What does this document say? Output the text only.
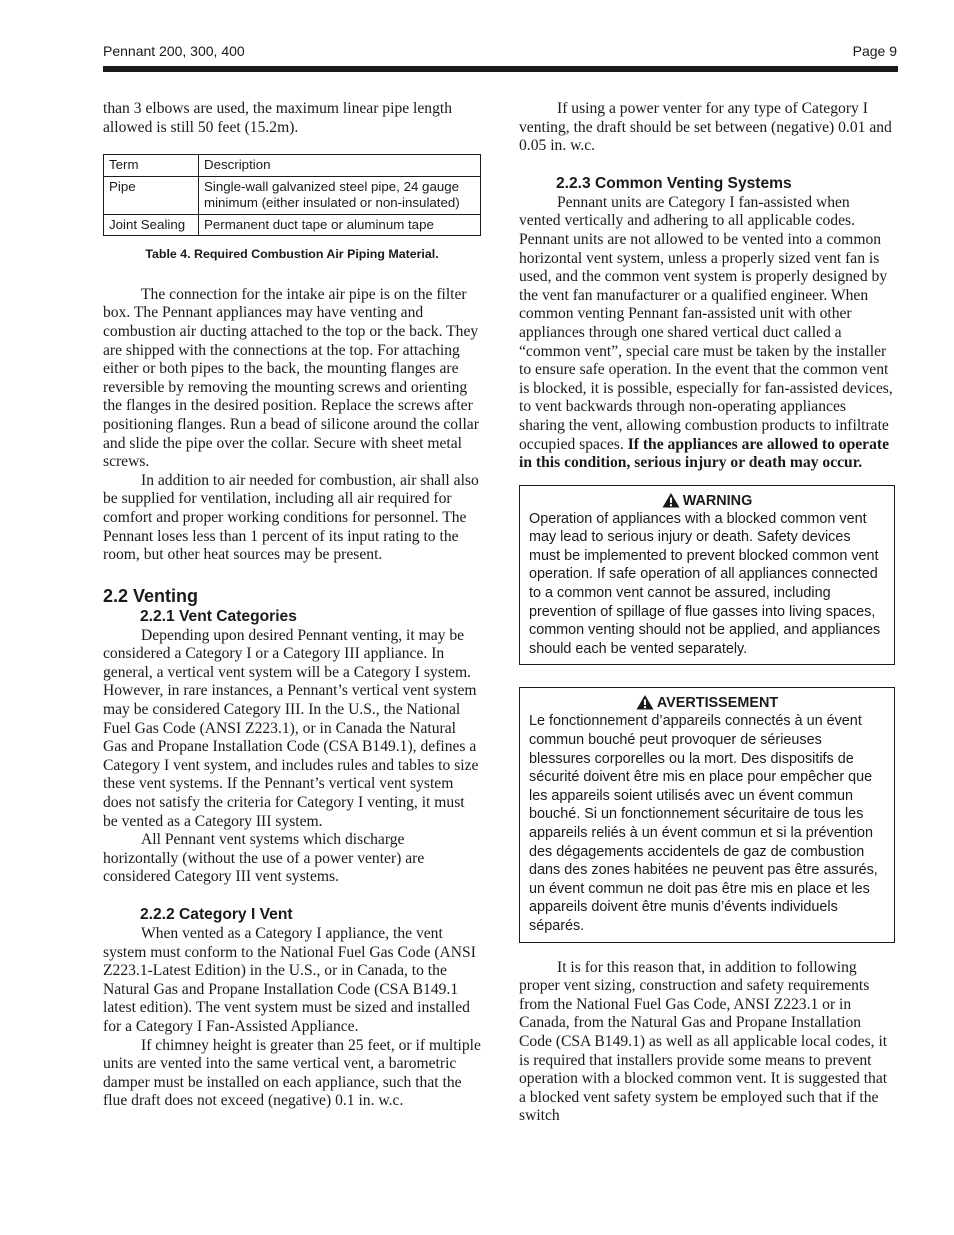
Pennant 200, 300, 400	Page 9

than 3 elbows are used, the maximum linear pipe length allowed is still 50 feet (15.2m).

Term	Description
Pipe	Single-wall galvanized steel pipe, 24 gauge minimum (either insulated or non-insulated)
Joint Sealing	Permanent duct tape or aluminum tape
Table 4. Required Combustion Air Piping Material.

The connection for the intake air pipe is on the filter box. The Pennant appliances may have venting and combustion air ducting attached to the top or the back. They are shipped with the connections at the top. For attaching either or both pipes to the back, the mounting flanges are reversible by removing the mounting screws and orienting the flanges in the desired position. Replace the screws after positioning flanges. Run a bead of silicone around the collar and slide the pipe over the collar. Secure with sheet metal screws.

In addition to air needed for combustion, air shall also be supplied for ventilation, including all air required for comfort and proper working conditions for personnel. The Pennant loses less than 1 percent of its input rating to the room, but other heat sources may be present.

2.2 Venting
2.2.1 Vent Categories

Depending upon desired Pennant venting, it may be considered a Category I or a Category III appliance. In general, a vertical vent system will be a Category I system. However, in rare instances, a Pennant’s vertical vent system may be considered Category III. In the U.S., the National Fuel Gas Code (ANSI Z223.1), or in Canada the Natural Gas and Propane Installation Code (CSA B149.1), defines a Category I vent system, and includes rules and tables to size these vent systems. If the Pennant’s vertical vent system does not satisfy the criteria for Category I venting, it must be vented as a Category III system.

All Pennant vent systems which discharge horizontally (without the use of a power venter) are considered Category III vent systems.

2.2.2 Category I Vent

When vented as a Category I appliance, the vent system must conform to the National Fuel Gas Code (ANSI Z223.1-Latest Edition) in the U.S., or in Canada, to the Natural Gas and Propane Installation Code (CSA B149.1 latest edition). The vent system must be sized and installed for a Category I Fan-Assisted Appliance.

If chimney height is greater than 25 feet, or if multiple units are vented into the same vertical vent, a barometric damper must be installed on each appliance, such that the flue draft does not exceed (negative) 0.1 in. w.c.

If using a power venter for any type of Category I venting, the draft should be set between (negative) 0.01 and 0.05 in. w.c.

2.2.3 Common Venting Systems

Pennant units are Category I fan-assisted when vented vertically and adhering to all applicable codes. Pennant units are not allowed to be vented into a common horizontal vent system, unless a properly sized vent fan is used, and the common vent system is properly designed by the vent fan manufacturer or a qualified engineer. When common venting Pennant fan-assisted unit with other appliances through one shared vertical duct called a “common vent”, special care must be taken by the installer to ensure safe operation. In the event that the common vent is blocked, it is possible, especially for fan-assisted devices, to vent backwards through non-operating appliances sharing the vent, allowing combustion products to infiltrate occupied spaces. If the appliances are allowed to operate in this condition, serious injury or death may occur.

WARNING

Operation of appliances with a blocked common vent may lead to serious injury or death. Safety devices must be implemented to prevent blocked common vent operation. If safe operation of all appliances connected to a common vent cannot be assured, including prevention of spillage of flue gasses into living spaces, common venting should not be applied, and appliances should each be vented separately.

AVERTISSEMENT

Le fonctionnement d’appareils connectés à un évent commun bouché peut provoquer de sérieuses blessures corporelles ou la mort. Des dispositifs de sécurité doivent être mis en place pour empêcher que les appareils soient utilisés avec un évent commun bouché. Si un fonctionnement sécuritaire de tous les appareils reliés à un évent commun et si la prévention des dégagements accidentels de gaz de combustion dans des zones habitées ne peuvent pas être assurés, un évent commun ne doit pas être mis en place et les appareils doivent être munis d’évents individuels séparés.

It is for this reason that, in addition to following proper vent sizing, construction and safety requirements from the National Fuel Gas Code, ANSI Z223.1 or in Canada, from the Natural Gas and Propane Installation Code (CSA B149.1) as well as all applicable local codes, it is required that installers provide some means to prevent operation with a blocked common vent. It is suggested that a blocked vent safety system be employed such that if the switch
